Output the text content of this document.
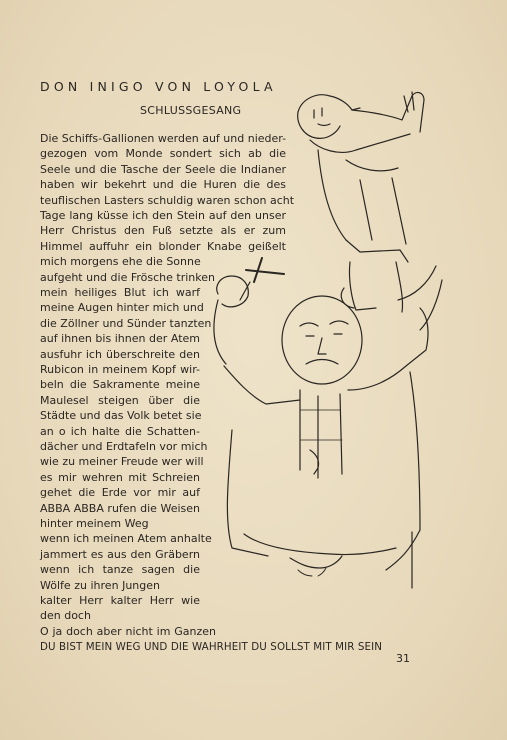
DON INIGO VON LOYOLA
SCHLUSSGESANG
Die Schiffs-Gallionen werden auf und nieder-
gezogen vom Monde sondert sich ab die
Seele und die Tasche der Seele die Indianer
haben wir bekehrt und die Huren die des
teuflischen Lasters schuldig waren schon acht
Tage lang küsse ich den Stein auf den unser
Herr Christus den Fuß setzte als er zum
Himmel auffuhr ein blonder Knabe geißelt
mich morgens ehe die Sonne
aufgeht und die Frösche trinken
mein heiliges Blut ich warf
meine Augen hinter mich und
die Zöllner und Sünder tanzten
auf ihnen bis ihnen der Atem
ausfuhr ich überschreite den
Rubicon in meinem Kopf wir-
beln die Sakramente meine
Maulesel steigen über die
Städte und das Volk betet sie
an o ich halte die Schatten-
dächer und Erdtafeln vor mich
wie zu meiner Freude wer will
es mir wehren mit Schreien
gehet die Erde vor mir auf
ABBA ABBA rufen die Weisen
hinter meinem Weg
wenn ich meinen Atem anhalte
jammert es aus den Gräbern
wenn ich tanze sagen die
Wölfe zu ihren Jungen
kalter Herr kalter Herr wie
den doch
O ja doch aber nicht im Ganzen
DU BIST MEIN WEG UND DIE WAHRHEIT DU SOLLST MIT MIR SEIN
31
